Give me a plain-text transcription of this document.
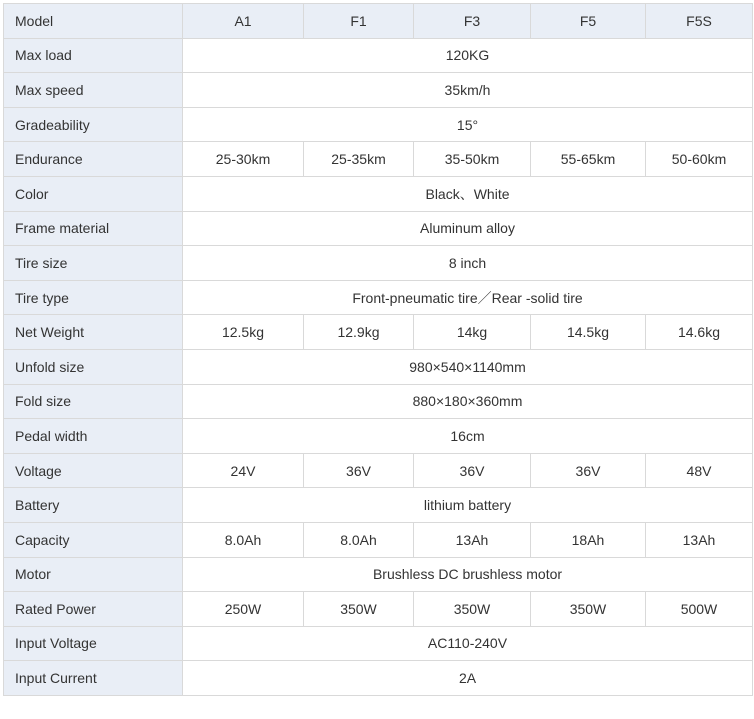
Model	A1	F1	F3	F5	F5S
Max load	120KG				
Max speed	35km/h				
Gradeability	15°				
Endurance	25-30km	25-35km	35-50km	55-65km	50-60km
Color	Black、White				
Frame material	Aluminum alloy				
Tire size	8 inch				
Tire type	Front-pneumatic tire／Rear -solid tire				
Net Weight	12.5kg	12.9kg	14kg	14.5kg	14.6kg
Unfold size	980×540×1140mm				
Fold size	880×180×360mm				
Pedal width	16cm				
Voltage	24V	36V	36V	36V	48V
Battery	lithium battery				
Capacity	8.0Ah	8.0Ah	13Ah	18Ah	13Ah
Motor	Brushless DC brushless motor				
Rated Power	250W	350W	350W	350W	500W
Input Voltage	AC110-240V				
Input Current	2A				
